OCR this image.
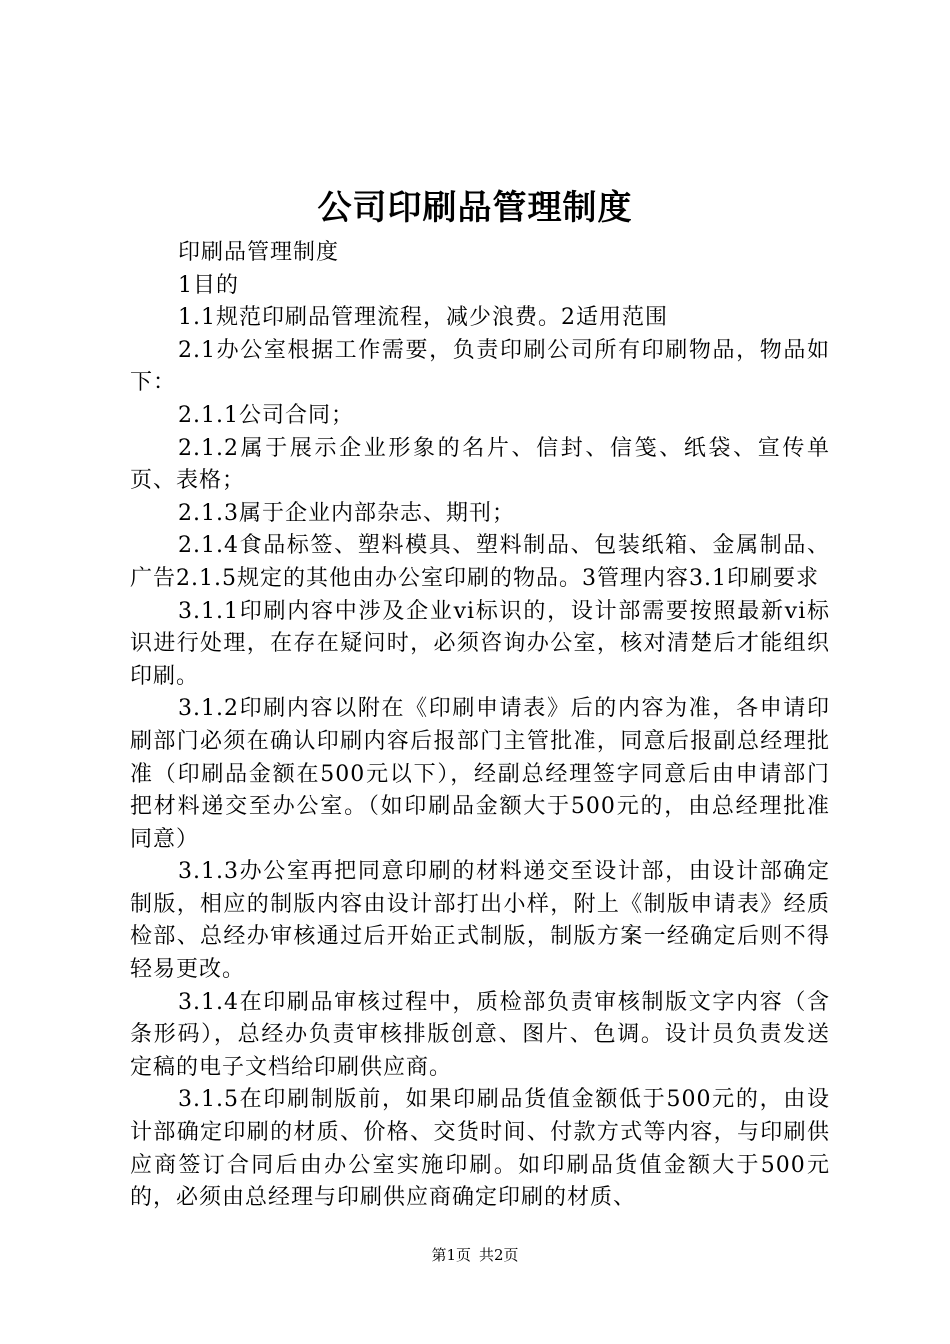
公司印刷品管理制度

印刷品管理制度

1目的

1.1规范印刷品管理流程，减少浪费。2适用范围

2.1办公室根据工作需要，负责印刷公司所有印刷物品，物品如下：

2.1.1公司合同；

2.1.2属于展示企业形象的名片、信封、信笺、纸袋、宣传单页、表格；

2.1.3属于企业内部杂志、期刊；

2.1.4食品标签、塑料模具、塑料制品、包装纸箱、金属制品、广告2.1.5规定的其他由办公室印刷的物品。3管理内容3.1印刷要求

3.1.1印刷内容中涉及企业vi标识的，设计部需要按照最新vi标识进行处理，在存在疑问时，必须咨询办公室，核对清楚后才能组织印刷。

3.1.2印刷内容以附在《印刷申请表》后的内容为准，各申请印刷部门必须在确认印刷内容后报部门主管批准，同意后报副总经理批准（印刷品金额在500元以下），经副总经理签字同意后由申请部门把材料递交至办公室。（如印刷品金额大于500元的，由总经理批准同意）

3.1.3办公室再把同意印刷的材料递交至设计部，由设计部确定制版，相应的制版内容由设计部打出小样，附上《制版申请表》经质检部、总经办审核通过后开始正式制版，制版方案一经确定后则不得轻易更改。

3.1.4在印刷品审核过程中，质检部负责审核制版文字内容（含条形码），总经办负责审核排版创意、图片、色调。设计员负责发送定稿的电子文档给印刷供应商。

3.1.5在印刷制版前，如果印刷品货值金额低于500元的，由设计部确定印刷的材质、价格、交货时间、付款方式等内容，与印刷供应商签订合同后由办公室实施印刷。如印刷品货值金额大于500元的，必须由总经理与印刷供应商确定印刷的材质、

第1页 共2页
